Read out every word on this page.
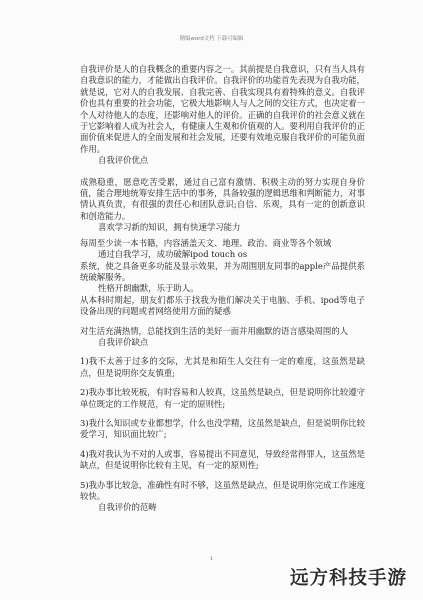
精编word文档 下载可编辑
自我评价是人的自我概念的重要内容之一。其前提是自我意识，只有当人具有自我意识的能力，才能做出自我评价。自我评价的功能首先表现为自我功能，就是说，它对人的自我发展、自我完善、自我实现具有着特殊的意义。自我评价也具有重要的社会功能，它极大地影响人与人之间的交往方式，也决定着一个人对待他人的态度，还影响对他人的评价。正确的自我评价的社会意义就在于它影响着人成为社会人，有健康人生观和价值观的人。要利用自我评价的正面价值来促进人的全面发展和社会发展，还要有效地克服自我评价的可能负面作用。
自我评价优点
成熟稳重，愿意吃苦受累，通过自己富有激情、积极主动的努力实现自身价值，能合理地统筹安排生活中的事务，具备较强的逻辑思维和判断能力，对事情认真负责，有很强的责任心和团队意识;自信、乐观，具有一定的创新意识和创造能力。
喜欢学习新的知识，拥有快速学习能力
每周至少读一本书籍，内容涵盖天文、地理、政治、商业等各个领域
通过自我学习，成功破解ipod touch os
系统，使之具备更多功能及显示效果，并为周围朋友同事的apple产品提供系统破解服务。
性格开朗幽默，乐于助人。
从本科时期起，朋友们都乐于找我为他们解决关于电脑、手机、ipod等电子设备出现的问题或者网络使用方面的疑惑
对生活充满热情，总能找到生活的美好一面并用幽默的语言感染周围的人
自我评价缺点
1)我不太善于过多的交际，尤其是和陌生人交往有一定的难度，这虽然是缺点，但是说明你交友慎重;
2)我办事比较死板，有时容易和人较真，这虽然是缺点，但是说明你比较遵守单位既定的工作规范，有一定的原则性;
3)我什么知识或专业都想学，什么也没学精，这虽然是缺点，但是说明你比较爱学习，知识面比较广;
4)我对我认为不对的人或事，容易提出不同意见，导致经常得罪人，这虽然是缺点，但是说明你比较有主见，有一定的原则性;
5)我办事比较急，准确性有时不够，这虽然是缺点，但是说明你完成工作速度较快。
自我评价的范畴
1
远方科技手游
